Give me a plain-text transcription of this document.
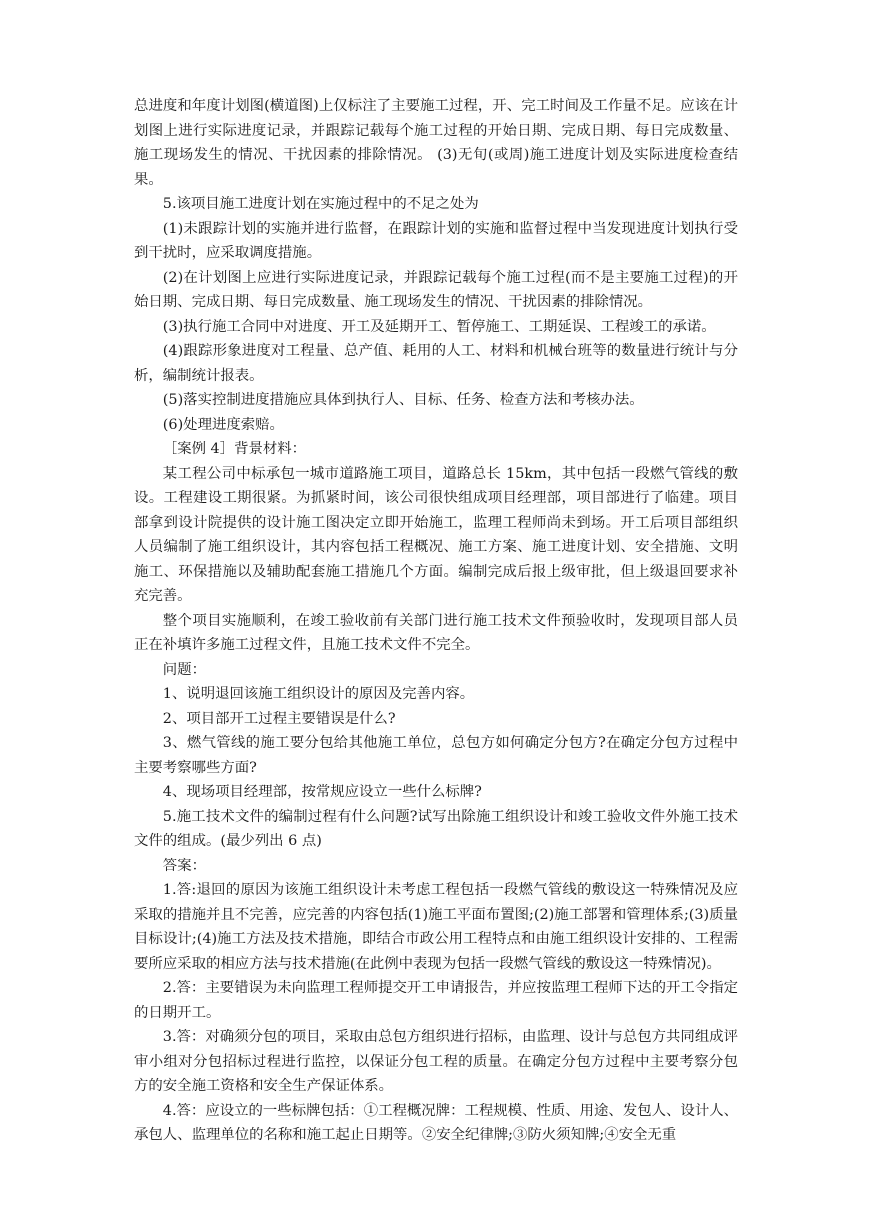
总进度和年度计划图(横道图)上仅标注了主要施工过程，开、完工时间及工作量不足。应该在计划图上进行实际进度记录，并跟踪记载每个施工过程的开始日期、完成日期、每日完成数量、施工现场发生的情况、干扰因素的排除情况。 (3)无旬(或周)施工进度计划及实际进度检查结果。

5.该项目施工进度计划在实施过程中的不足之处为

(1)未跟踪计划的实施并进行监督，在跟踪计划的实施和监督过程中当发现进度计划执行受到干扰时，应采取调度措施。

(2)在计划图上应进行实际进度记录，并跟踪记载每个施工过程(而不是主要施工过程)的开始日期、完成日期、每日完成数量、施工现场发生的情况、干扰因素的排除情况。

(3)执行施工合同中对进度、开工及延期开工、暂停施工、工期延误、工程竣工的承诺。

(4)跟踪形象进度对工程量、总产值、耗用的人工、材料和机械台班等的数量进行统计与分析，编制统计报表。

(5)落实控制进度措施应具体到执行人、目标、任务、检查方法和考核办法。

(6)处理进度索赔。

［案例 4］背景材料：

某工程公司中标承包一城市道路施工项目，道路总长 15km，其中包括一段燃气管线的敷设。工程建设工期很紧。为抓紧时间，该公司很快组成项目经理部，项目部进行了临建。项目部拿到设计院提供的设计施工图决定立即开始施工，监理工程师尚未到场。开工后项目部组织人员编制了施工组织设计，其内容包括工程概况、施工方案、施工进度计划、安全措施、文明施工、环保措施以及辅助配套施工措施几个方面。编制完成后报上级审批，但上级退回要求补充完善。

整个项目实施顺利，在竣工验收前有关部门进行施工技术文件预验收时，发现项目部人员正在补填许多施工过程文件，且施工技术文件不完全。

问题：

1、说明退回该施工组织设计的原因及完善内容。

2、项目部开工过程主要错误是什么?

3、燃气管线的施工要分包给其他施工单位，总包方如何确定分包方?在确定分包方过程中主要考察哪些方面?

4、现场项目经理部，按常规应设立一些什么标牌?

5.施工技术文件的编制过程有什么问题?试写出除施工组织设计和竣工验收文件外施工技术文件的组成。(最少列出 6 点)

答案：

1.答:退回的原因为该施工组织设计未考虑工程包括一段燃气管线的敷设这一特殊情况及应采取的措施并且不完善，应完善的内容包括(1)施工平面布置图;(2)施工部署和管理体系;(3)质量目标设计;(4)施工方法及技术措施，即结合市政公用工程特点和由施工组织设计安排的、工程需要所应采取的相应方法与技术措施(在此例中表现为包括一段燃气管线的敷设这一特殊情况)。

2.答：主要错误为未向监理工程师提交开工申请报告，并应按监理工程师下达的开工令指定的日期开工。

3.答：对确须分包的项目，采取由总包方组织进行招标，由监理、设计与总包方共同组成评审小组对分包招标过程进行监控，以保证分包工程的质量。在确定分包方过程中主要考察分包方的安全施工资格和安全生产保证体系。

4.答：应设立的一些标牌包括：①工程概况牌：工程规模、性质、用途、发包人、设计人、承包人、监理单位的名称和施工起止日期等。②安全纪律牌;③防火须知牌;④安全无重
